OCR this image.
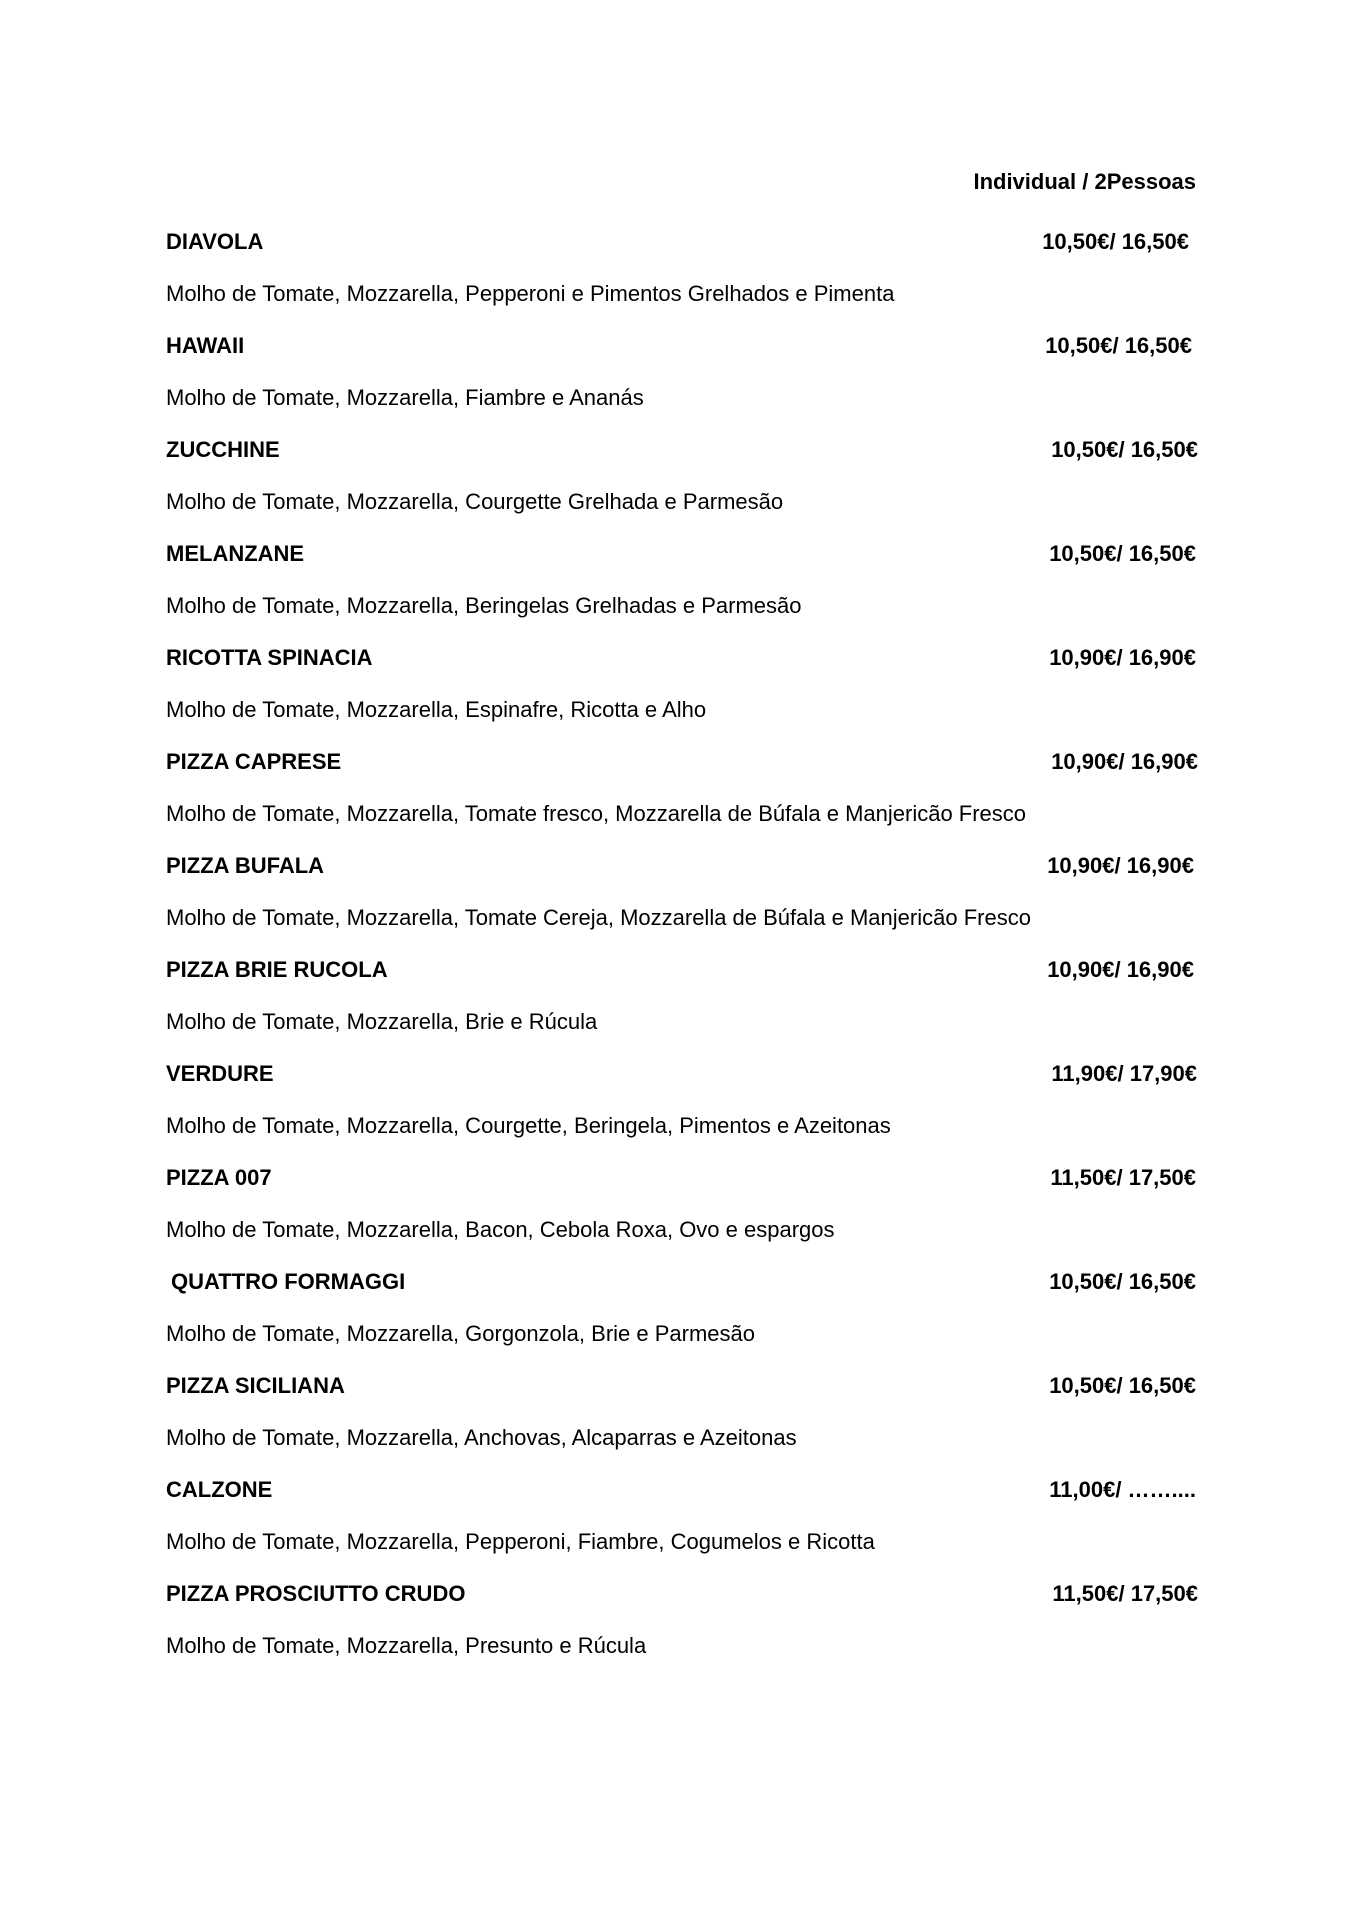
Individual / 2Pessoas
DIAVOLA	10,50€/ 16,50€
Molho de Tomate, Mozzarella, Pepperoni e Pimentos Grelhados e Pimenta
HAWAII	10,50€/ 16,50€
Molho de Tomate, Mozzarella, Fiambre e Ananás
ZUCCHINE	10,50€/ 16,50€
Molho de Tomate, Mozzarella, Courgette Grelhada e Parmesão
MELANZANE	10,50€/ 16,50€
Molho de Tomate, Mozzarella, Beringelas Grelhadas e Parmesão
RICOTTA SPINACIA	10,90€/ 16,90€
Molho de Tomate, Mozzarella, Espinafre, Ricotta e Alho
PIZZA CAPRESE	10,90€/ 16,90€
Molho de Tomate, Mozzarella, Tomate fresco, Mozzarella de Búfala e Manjericão Fresco
PIZZA BUFALA	10,90€/ 16,90€
Molho de Tomate, Mozzarella, Tomate Cereja, Mozzarella de Búfala e Manjericão Fresco
PIZZA BRIE RUCOLA	10,90€/ 16,90€
Molho de Tomate, Mozzarella, Brie e Rúcula
VERDURE	11,90€/ 17,90€
Molho de Tomate, Mozzarella, Courgette, Beringela, Pimentos e Azeitonas
PIZZA 007	11,50€/ 17,50€
Molho de Tomate, Mozzarella, Bacon, Cebola Roxa, Ovo e espargos
QUATTRO FORMAGGI	10,50€/ 16,50€
Molho de Tomate, Mozzarella, Gorgonzola, Brie e Parmesão
PIZZA SICILIANA	10,50€/ 16,50€
Molho de Tomate, Mozzarella, Anchovas, Alcaparras e Azeitonas
CALZONE	11,00€/ ……....
Molho de Tomate, Mozzarella, Pepperoni, Fiambre, Cogumelos e Ricotta
PIZZA PROSCIUTTO CRUDO	11,50€/ 17,50€
Molho de Tomate, Mozzarella, Presunto e Rúcula
